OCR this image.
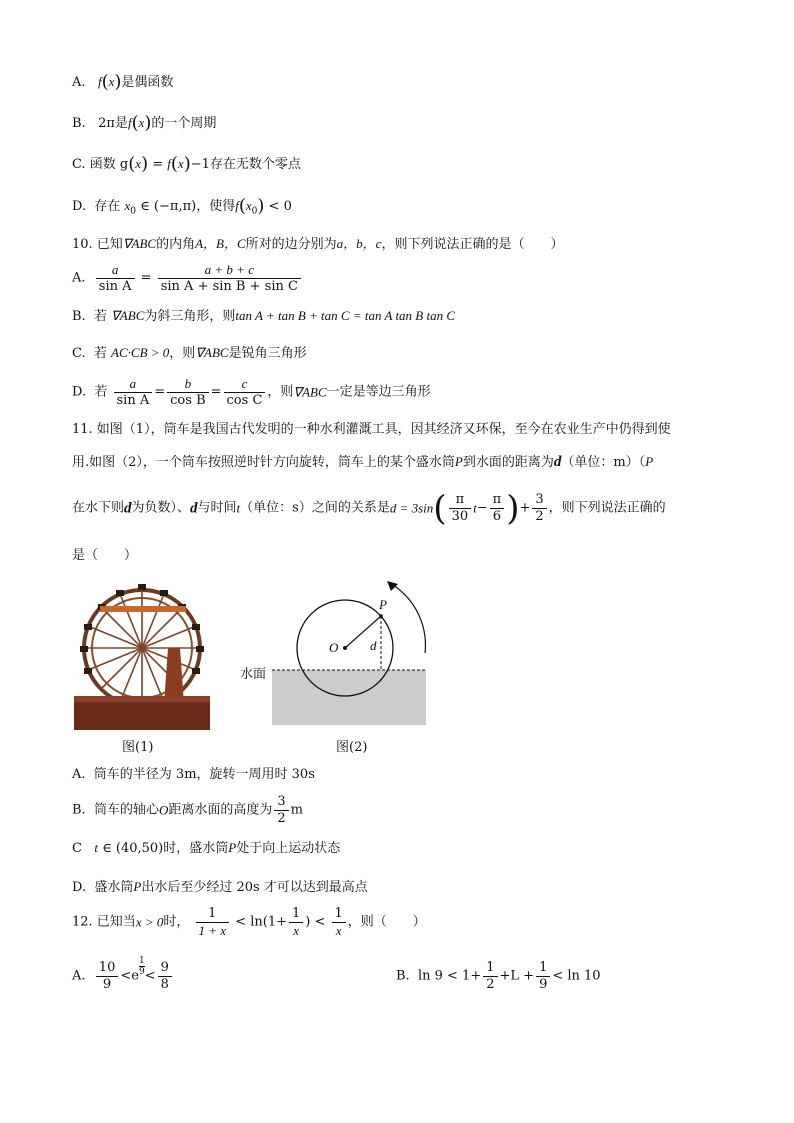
A. f(x)是偶函数
B. 2π是f(x)的一个周期
C. 函数 g(x) = f(x)−1存在无数个零点
D. 存在 $x_0$ ∈ (−π,π)，使得$f(x_0) < 0$
10. 已知∇ABC的内角A，B，C所对的边分别为a，b，c，则下列说法正确的是（　　）
A. $\frac{a}{\text{sin A}} = \frac{a + b + c}{\text{sin A + sin B + sin C}}$
B. 若 ∇ABC为斜三角形，则tan A + tan B + tan C = tan A tan B tan C
C. 若 AC·CB > 0，则∇ABC是锐角三角形
D. 若 $\frac{a}{\text{sin A}} = \frac{b}{\text{cos B}} = \frac{c}{\text{cos C}}$ ，则∇ABC一定是等边三角形
11. 如图（1），筒车是我国古代发明的一种水利灌溉工具，因其经济又环保，至今在农业生产中仍得到使
用.如图（2），一个筒车按照逆时针方向旋转，筒车上的某个盛水筒P到水面的距离为d（单位：m）（P
在水下则d为负数）、d与时间t（单位：s）之间的关系是$d = 3\sin( \frac{\pi}{30} t- \frac{\pi}{6}$ )+ $\frac{3}{2}$ ，则下列说法正确的
是（　　）
图(1)
P
O d
水面
图(2)
A. 筒车的半径为 3m，旋转一周用时 30s
B. 筒车的轴心O距离水面的高度为 $\frac{3}{2}$ m
C t ∈ (40,50)时，盛水筒P处于向上运动状态
D. 盛水筒P出水后至少经过 20s 才可以达到最高点
12. 已知当x > 0时， $\frac{1}{1 + x} < \ln(1+ \frac{1}{x}$ ) < $\frac{1}{x}$ ，则（　　）
A. $\frac{10}{9} <e \frac{1}{9} < \frac{9}{8}$	B. $\ln 9 < 1+ \frac{1}{2} +L + \frac{1}{9} < \ln 10$
